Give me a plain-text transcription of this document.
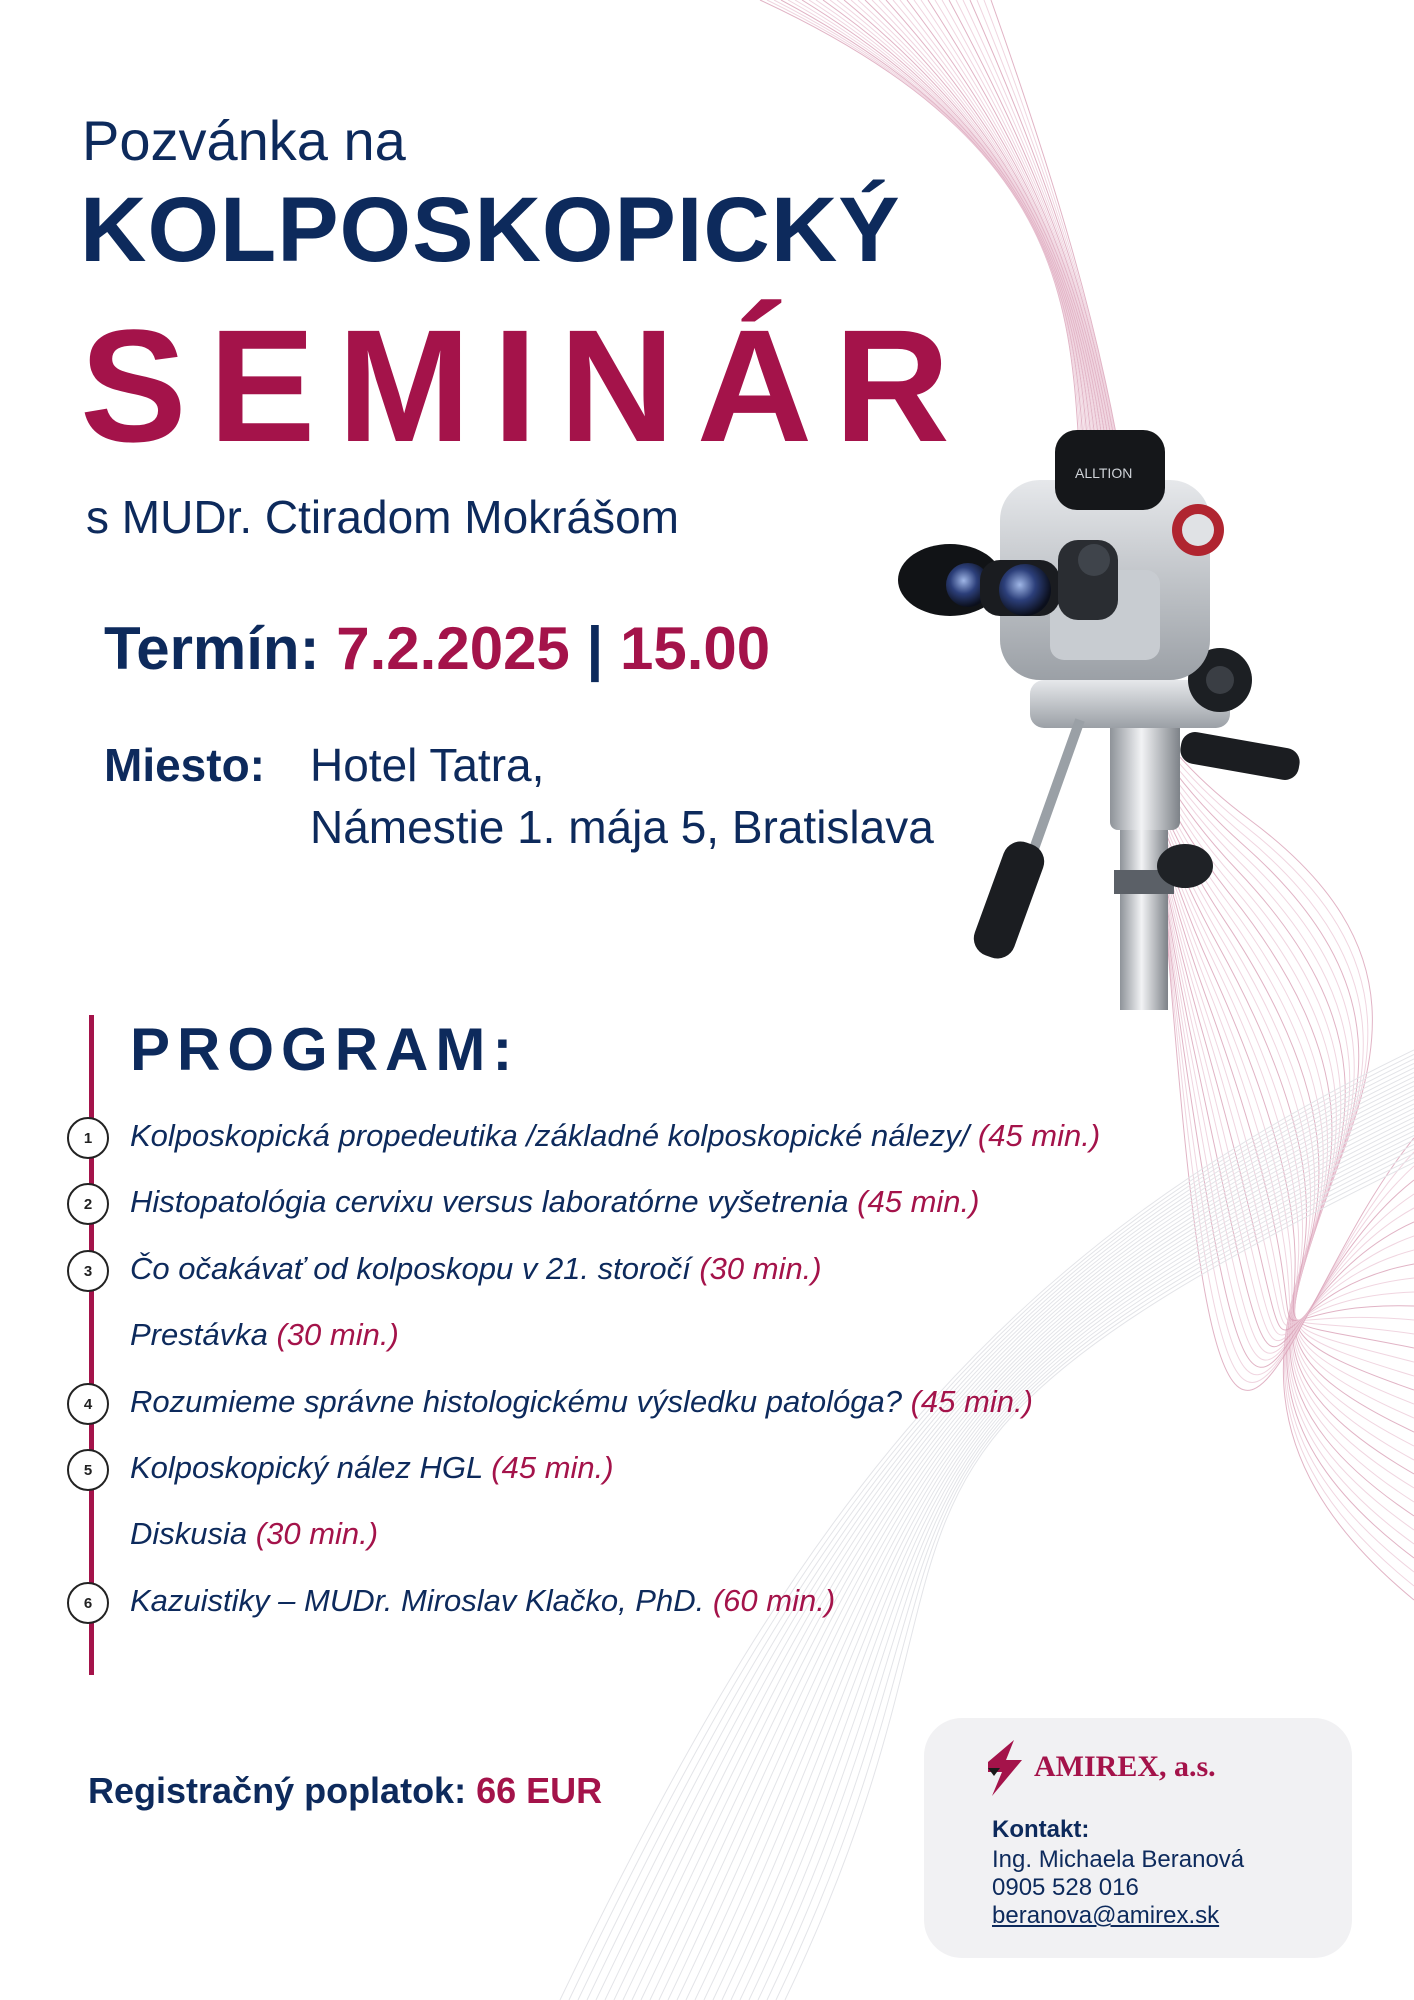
Pozvánka na
KOLPOSKOPICKÝ
SEMINÁR
s MUDr. Ctiradom Mokrášom
Termín: 7.2.2025 | 15.00
Miesto: Hotel Tatra,
Námestie 1. mája 5, Bratislava
ALLTION
PROGRAM:
1	Kolposkopická propedeutika /základné kolposkopické nálezy/ (45 min.)
2	Histopatológia cervixu versus laboratórne vyšetrenia (45 min.)
3	Čo očakávať od kolposkopu v 21. storočí (30 min.)
Prestávka (30 min.)
4	Rozumieme správne histologickému výsledku patológa? (45 min.)
5	Kolposkopický nález HGL (45 min.)
Diskusia (30 min.)
6	Kazuistiky – MUDr. Miroslav Klačko, PhD. (60 min.)
Registračný poplatok: 66 EUR
AMIREX, a.s.
Kontakt:
Ing. Michaela Beranová
0905 528 016
beranova@amirex.sk
